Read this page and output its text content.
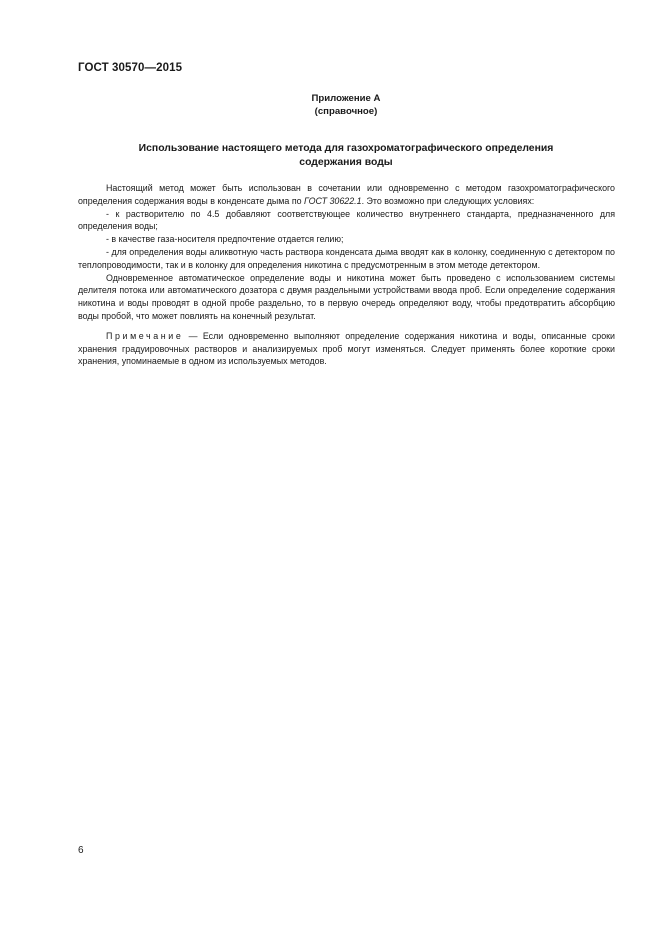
ГОСТ 30570—2015
Приложение А
(справочное)
Использование настоящего метода для газохроматографического определения
содержания воды

Настоящий метод может быть использован в сочетании или одновременно с методом газохроматографического определения содержания воды в конденсате дыма по ГОСТ 30622.1. Это возможно при следующих условиях:

- к растворителю по 4.5 добавляют соответствующее количество внутреннего стандарта, предназначенного для определения воды;

- в качестве газа-носителя предпочтение отдается гелию;

- для определения воды аликвотную часть раствора конденсата дыма вводят как в колонку, соединенную с детектором по теплопроводимости, так и в колонку для определения никотина с предусмотренным в этом методе детектором.

Одновременное автоматическое определение воды и никотина может быть проведено с использованием системы делителя потока или автоматического дозатора с двумя раздельными устройствами ввода проб. Если определение содержания никотина и воды проводят в одной пробе раздельно, то в первую очередь определяют воду, чтобы предотвратить абсорбцию воды пробой, что может повлиять на конечный результат.

Примечание — Если одновременно выполняют определение содержания никотина и воды, описанные сроки хранения градуировочных растворов и анализируемых проб могут изменяться. Следует применять более короткие сроки хранения, упоминаемые в одном из используемых методов.

6
